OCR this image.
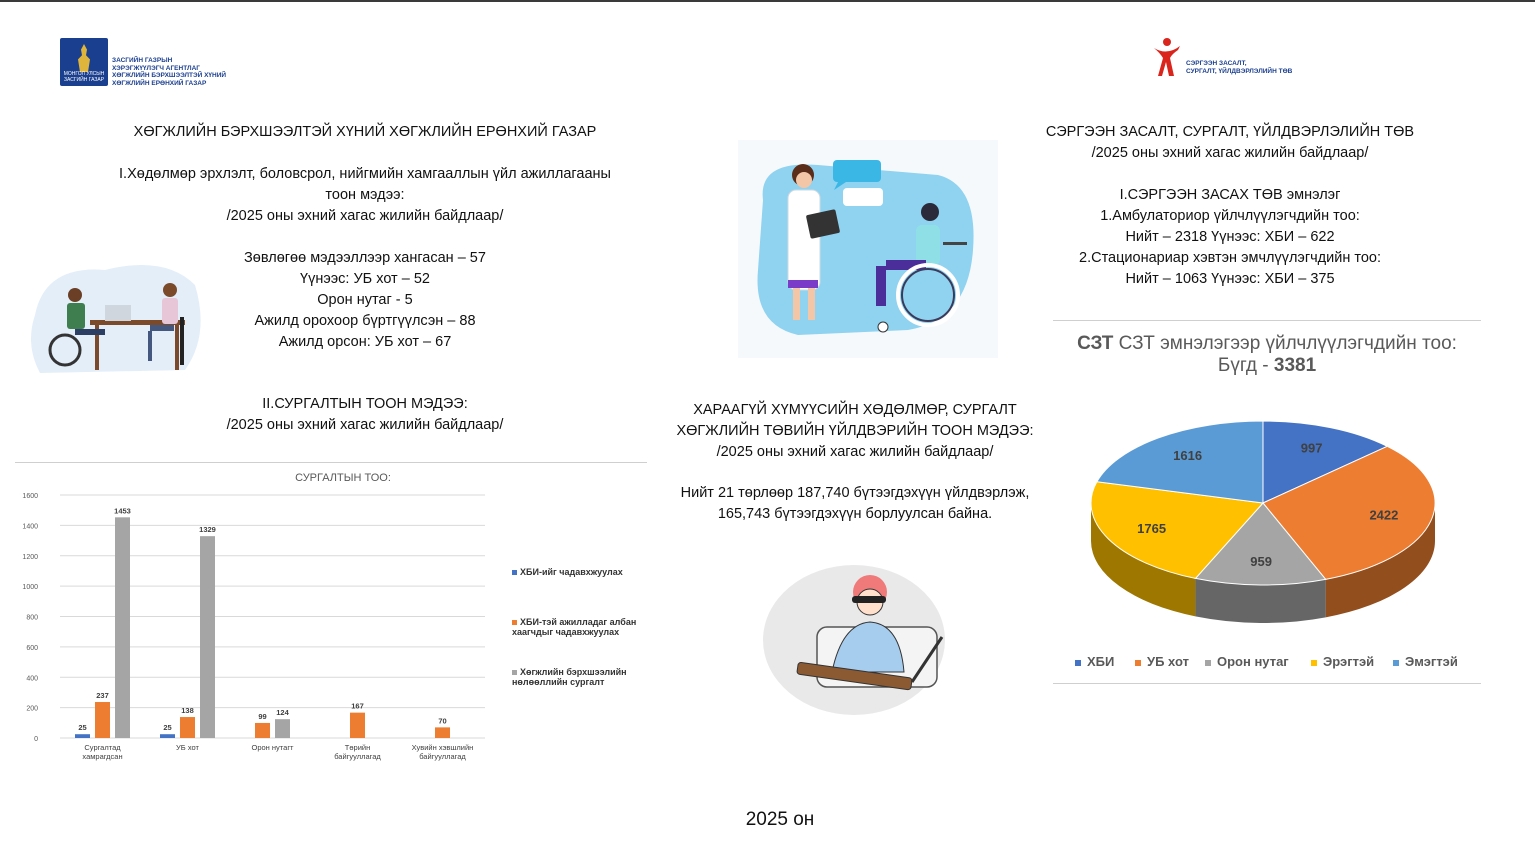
МОНГОЛ УЛСЫН
ЗАСГИЙН ГАЗАР
ЗАСГИЙН ГАЗРЫН
ХЭРЭГЖҮҮЛЭГЧ АГЕНТЛАГ
ХӨГЖЛИЙН БЭРХШЭЭЛТЭЙ ХҮНИЙ
ХӨГЖЛИЙН ЕРӨНХИЙ ГАЗАР
СЭРГЭЭН ЗАСАЛТ,
СУРГАЛТ, ҮЙЛДВЭРЛЭЛИЙН ТӨВ
ХӨГЖЛИЙН БЭРХШЭЭЛТЭЙ ХҮНИЙ ХӨГЖЛИЙН ЕРӨНХИЙ ГАЗАР
I.Хөдөлмөр эрхлэлт, боловсрол, нийгмийн хамгааллын үйл ажиллагааны
тоон мэдээ:
/2025 оны эхний хагас жилийн байдлаар/
Зөвлөгөө мэдээллээр хангасан – 57
Үүнээс: УБ хот – 52
Орон нутаг - 5
Ажилд орохоор бүртгүүлсэн – 88
Ажилд орсон: УБ хот – 67
II.СУРГАЛТЫН ТООН МЭДЭЭ:
/2025 оны эхний хагас жилийн байдлаар/
СУРГАЛТЫН ТОО:
0
200
400
600
800
1000
1200
1400
1600
25
237
1453
25
138
1329
99 124
167
70
Сургалтад хамрагдсан
УБ хот	Орон нутагт	Төрийн байгууллагад
Хувийн хэвшлийн байгууллагад
ХБИ-ийг чадавхжуулах
ХБИ-тэй ажилладаг албан хаагчдыг чадавхжуулах
Хөгжлийн бэрхшээлийн нөлөөллийн сургалт
ХАРААГҮЙ ХҮМҮҮСИЙН ХӨДӨЛМӨР, СУРГАЛТ
ХӨГЖЛИЙН ТӨВИЙН ҮЙЛДВЭРИЙН ТООН МЭДЭЭ:
/2025 оны эхний хагас жилийн байдлаар/
Нийт 21 төрлөөр 187,740 бүтээгдэхүүн үйлдвэрлэж,
165,743 бүтээгдэхүүн борлуулсан байна.
СЭРГЭЭН ЗАСАЛТ, СУРГАЛТ, ҮЙЛДВЭРЛЭЛИЙН ТӨВ
/2025 оны эхний хагас жилийн байдлаар/
I.СЭРГЭЭН ЗАСАХ ТӨВ эмнэлэг
1.Амбулаториор үйлчлүүлэгчдийн тоо:
Нийт – 2318 Үүнээс: ХБИ – 622
2.Стационариар хэвтэн эмчлүүлэгчдийн тоо:
Нийт – 1063 Үүнээс: ХБИ – 375
СЗТ СЗТ эмнэлэгээр үйлчлүүлэгчдийн тоо:
Бүгд - 3381
997
2422
959
1765
1616
ХБИ	УБ хот	Орон нутаг	Эрэгтэй	Эмэгтэй
2025 он
